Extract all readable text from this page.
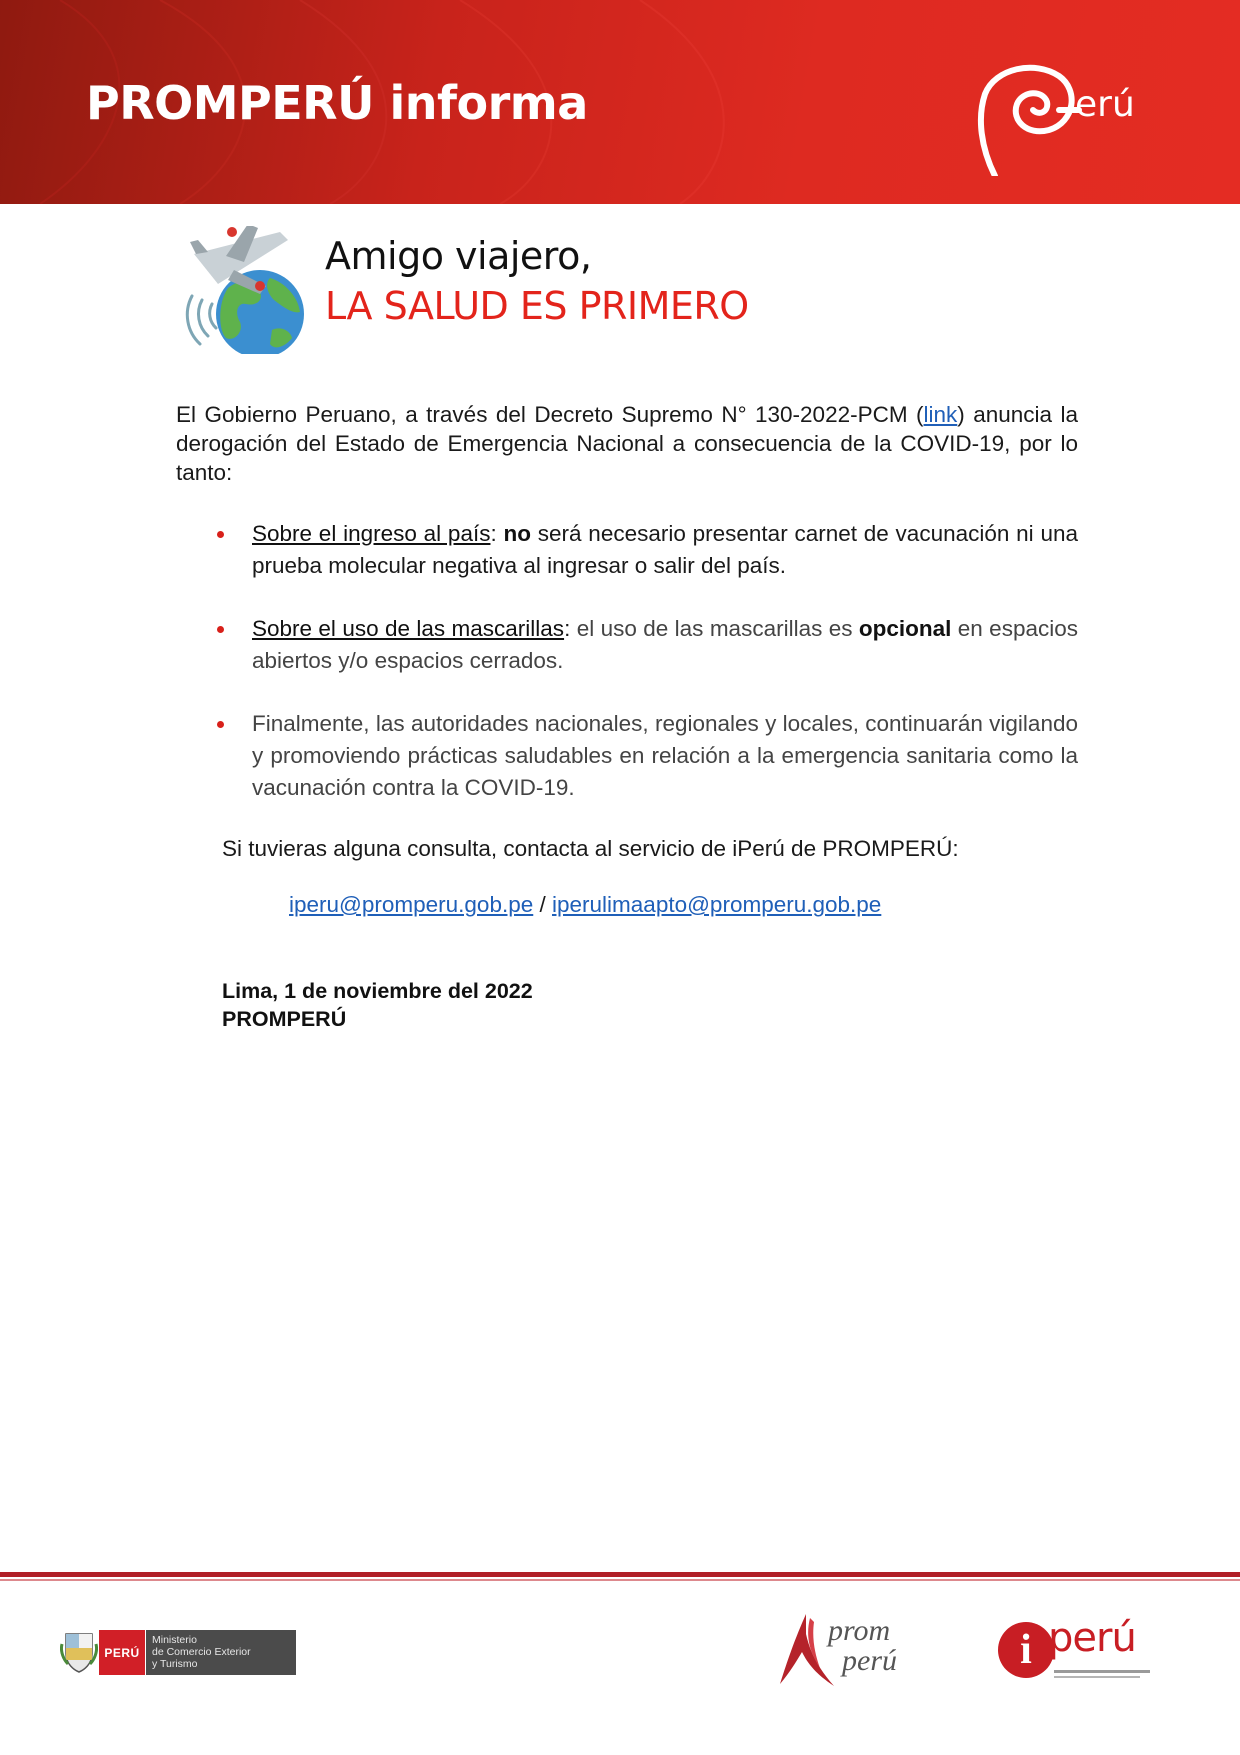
PROMPERÚ informa	erú
Amigo viajero,
LA SALUD ES PRIMERO

El Gobierno Peruano, a través del Decreto Supremo N° 130-2022-PCM (link) anuncia la derogación del Estado de Emergencia Nacional a consecuencia de la COVID-19, por lo tanto:

Sobre el ingreso al país: no será necesario presentar carnet de vacunación ni una prueba molecular negativa al ingresar o salir del país.
Sobre el uso de las mascarillas: el uso de las mascarillas es opcional en espacios abiertos y/o espacios cerrados.
Finalmente, las autoridades nacionales, regionales y locales, continuarán vigilando y promoviendo prácticas saludables en relación a la emergencia sanitaria como la vacunación contra la COVID-19.

Si tuvieras alguna consulta, contacta al servicio de iPerú de PROMPERÚ:

iperu@promperu.gob.pe / iperulimaapto@promperu.gob.pe

Lima, 1 de noviembre del 2022
PROMPERÚ

PERÚ
Ministerio
de Comercio Exterior
y Turismo

prom

perú	i perú
